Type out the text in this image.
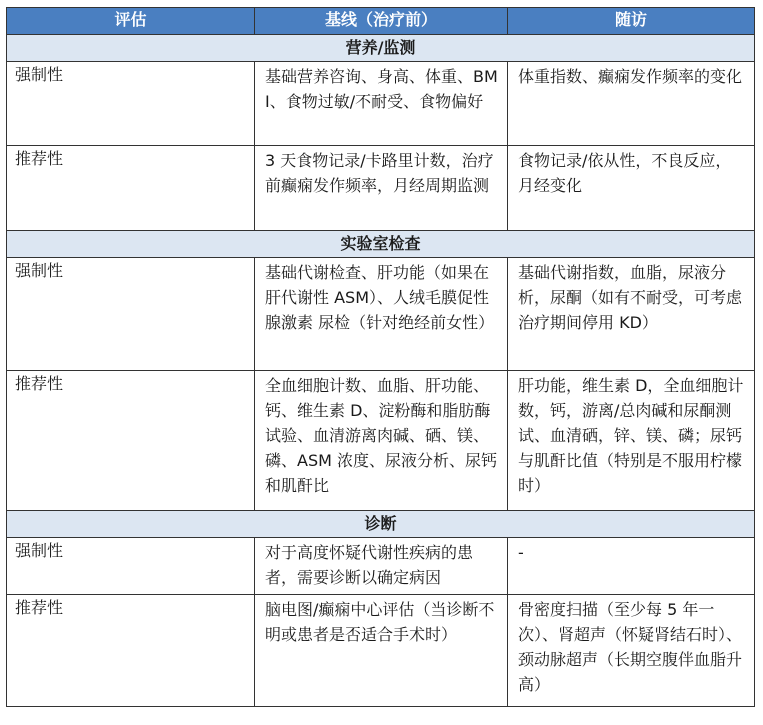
评估	基线（治疗前）	随访
营养/监测		
强制性	基础营养咨询、身高、体重、BMI、食物过敏/不耐受、食物偏好	体重指数、癫痫发作频率的变化
推荐性	3 天食物记录/卡路里计数，治疗前癫痫发作频率，月经周期监测	食物记录/依从性，不良反应，月经变化
实验室检查		
强制性	基础代谢检查、肝功能（如果在肝代谢性 ASM）、人绒毛膜促性腺激素 尿检（针对绝经前女性）	基础代谢指数，血脂，尿液分析，尿酮（如有不耐受，可考虑治疗期间停用 KD）
推荐性	全血细胞计数、血脂、肝功能、钙、维生素 D、淀粉酶和脂肪酶试验、血清游离肉碱、硒、镁、磷、ASM 浓度、尿液分析、尿钙和肌酐比	肝功能，维生素 D，全血细胞计数，钙，游离/总肉碱和尿酮测试、血清硒，锌、镁、磷；尿钙与肌酐比值（特别是不服用柠檬时）
诊断		
强制性	对于高度怀疑代谢性疾病的患者，需要诊断以确定病因	-
推荐性	脑电图/癫痫中心评估（当诊断不明或患者是否适合手术时）	骨密度扫描（至少每 5 年一次）、肾超声（怀疑肾结石时）、颈动脉超声（长期空腹伴血脂升高）
